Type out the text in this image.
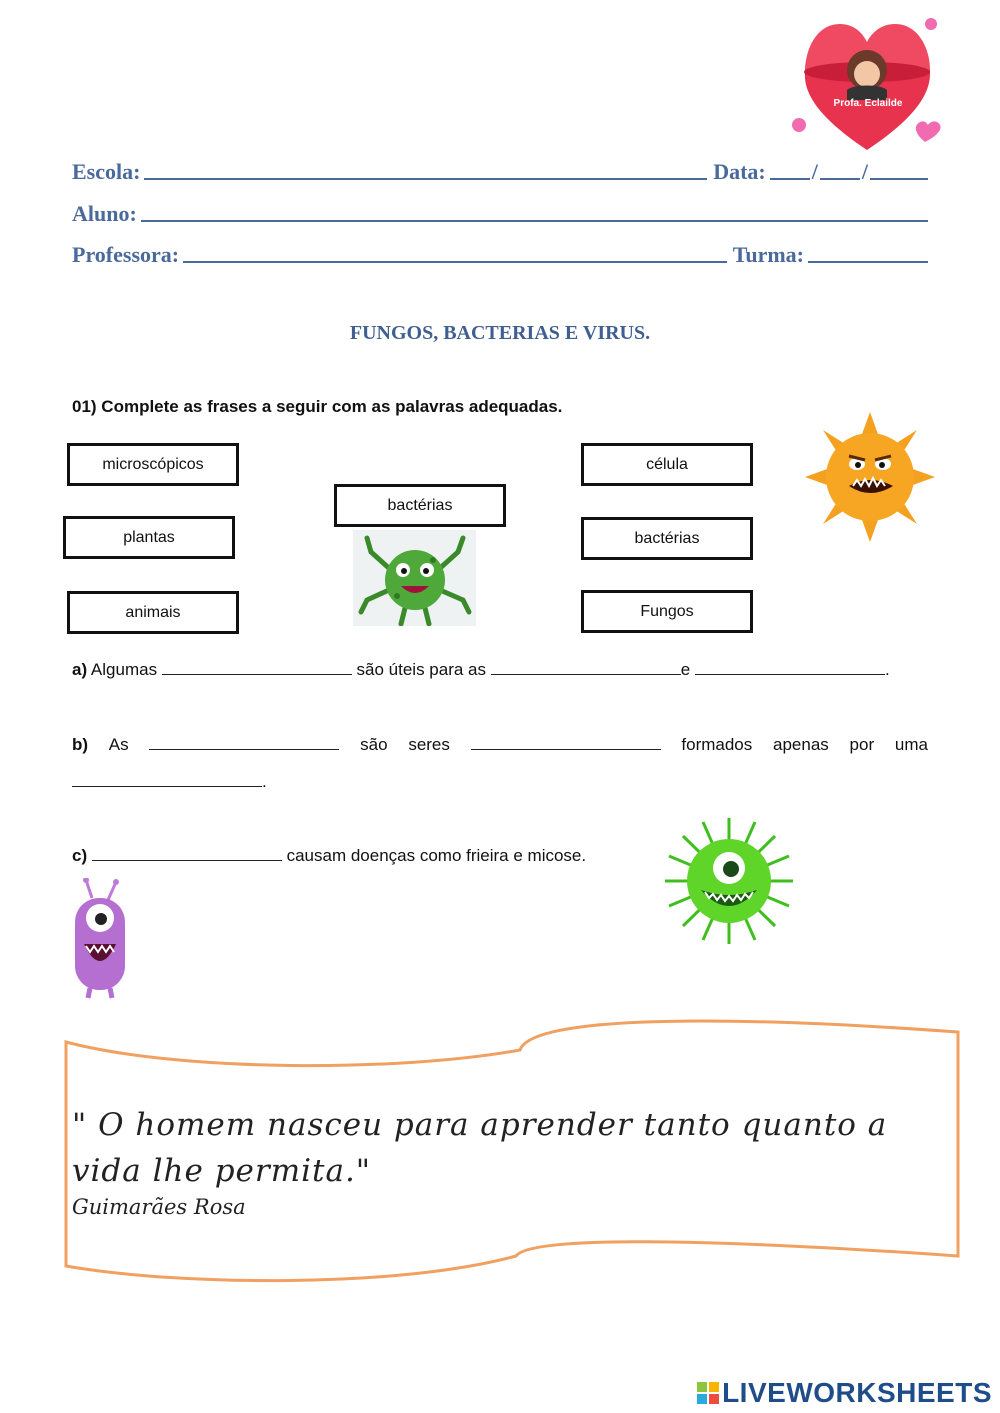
Profa. Eclailde
Escola:	Data: / /
Aluno:
Professora:	Turma:
FUNGOS, BACTERIAS E VIRUS.
01) Complete as frases a seguir com as palavras adequadas.
microscópicos
plantas
animais
bactérias
célula
bactérias
Fungos
a) Algumas	são úteis para as	e	.
b) As	são seres	formados apenas por uma
.
c)	causam doenças como frieira e micose.
" O homem nasceu para aprender tanto quanto a vida lhe permita."
Guimarães Rosa
LIVEWORKSHEETS
